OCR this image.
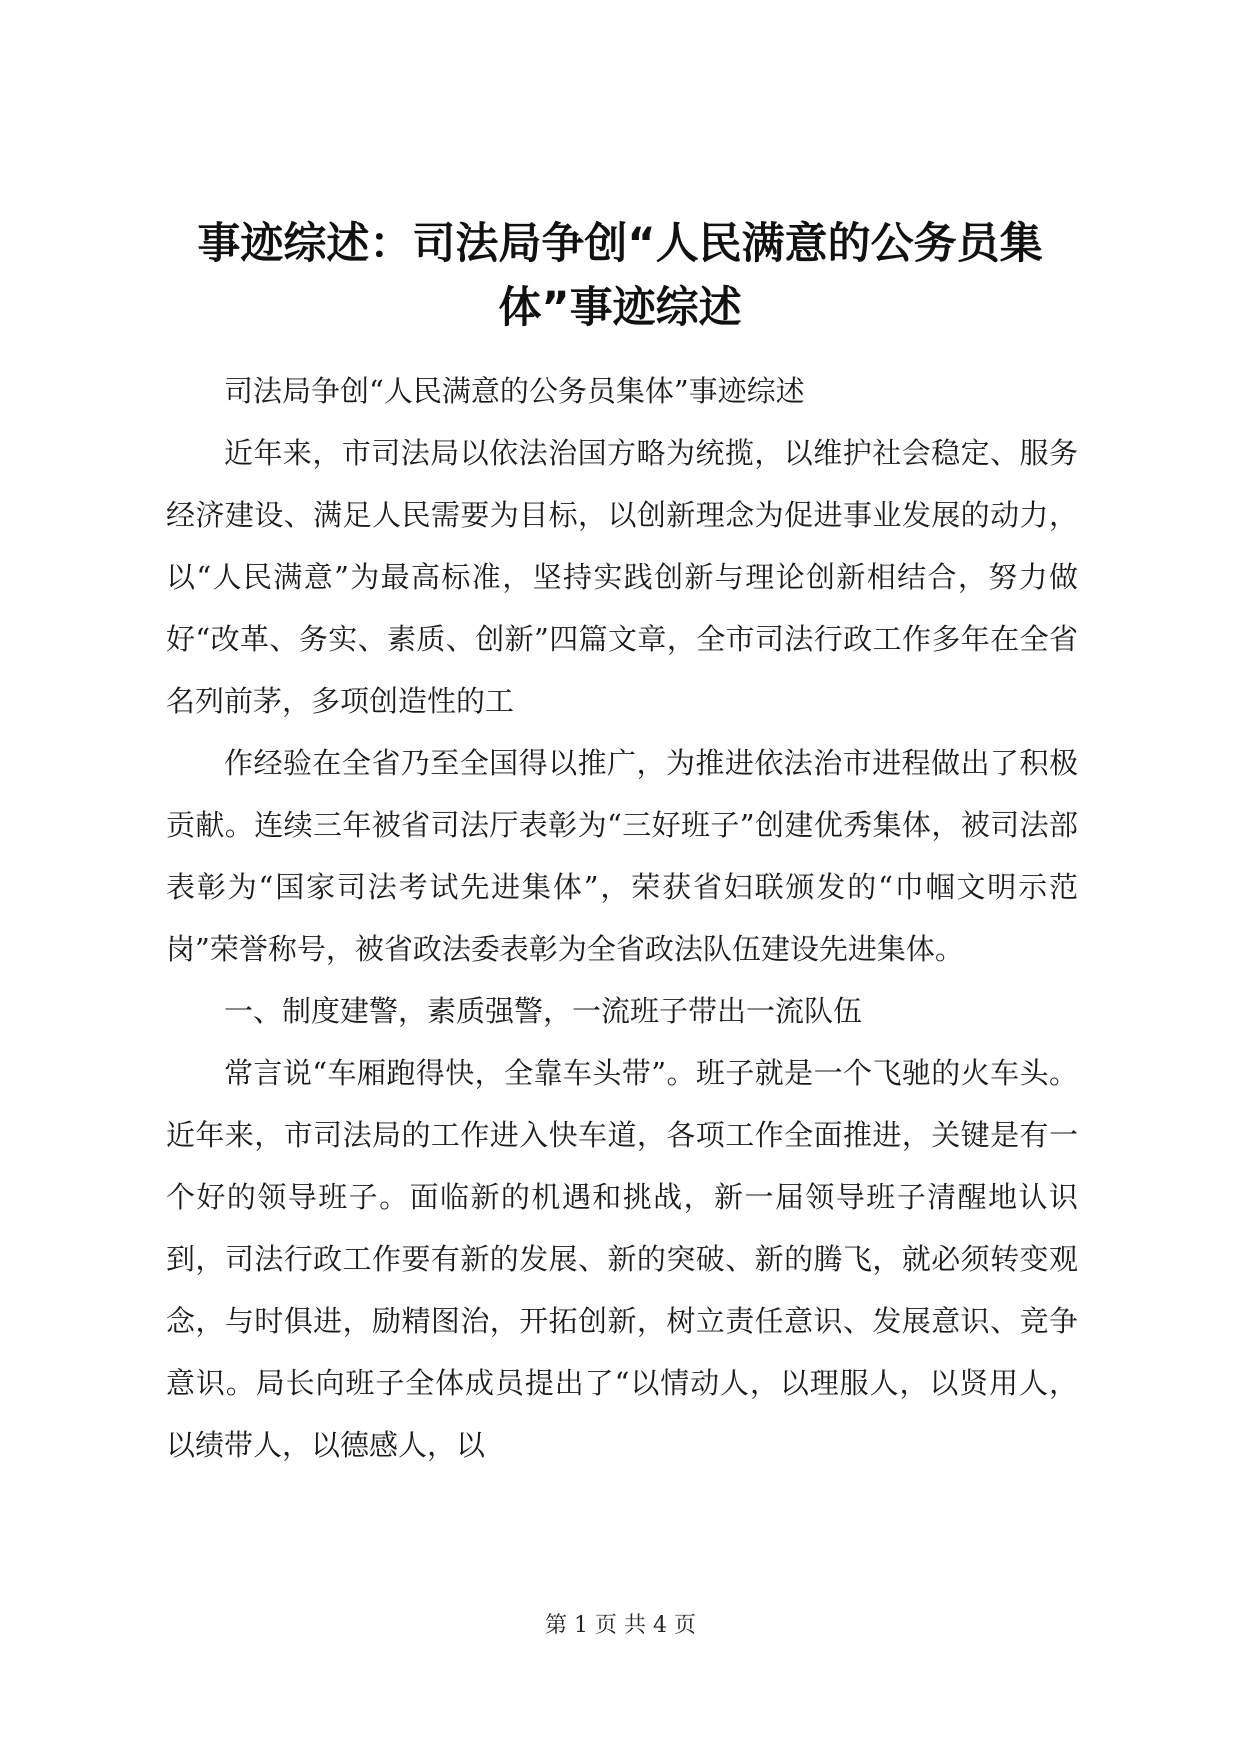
事迹综述：司法局争创“人民满意的公务员集体”事迹综述

司法局争创“人民满意的公务员集体”事迹综述

近年来，市司法局以依法治国方略为统揽，以维护社会稳定、服务经济建设、满足人民需要为目标，以创新理念为促进事业发展的动力，以“人民满意”为最高标准，坚持实践创新与理论创新相结合，努力做好“改革、务实、素质、创新”四篇文章，全市司法行政工作多年在全省名列前茅，多项创造性的工

作经验在全省乃至全国得以推广，为推进依法治市进程做出了积极贡献。连续三年被省司法厅表彰为“三好班子”创建优秀集体，被司法部表彰为“国家司法考试先进集体”，荣获省妇联颁发的“巾帼文明示范岗”荣誉称号，被省政法委表彰为全省政法队伍建设先进集体。

一、制度建警，素质强警，一流班子带出一流队伍

常言说“车厢跑得快，全靠车头带”。班子就是一个飞驰的火车头。近年来，市司法局的工作进入快车道，各项工作全面推进，关键是有一个好的领导班子。面临新的机遇和挑战，新一届领导班子清醒地认识到，司法行政工作要有新的发展、新的突破、新的腾飞，就必须转变观念，与时俱进，励精图治，开拓创新，树立责任意识、发展意识、竞争意识。局长向班子全体成员提出了“以情动人，以理服人，以贤用人，以绩带人，以德感人，以

第 1 页 共 4 页
